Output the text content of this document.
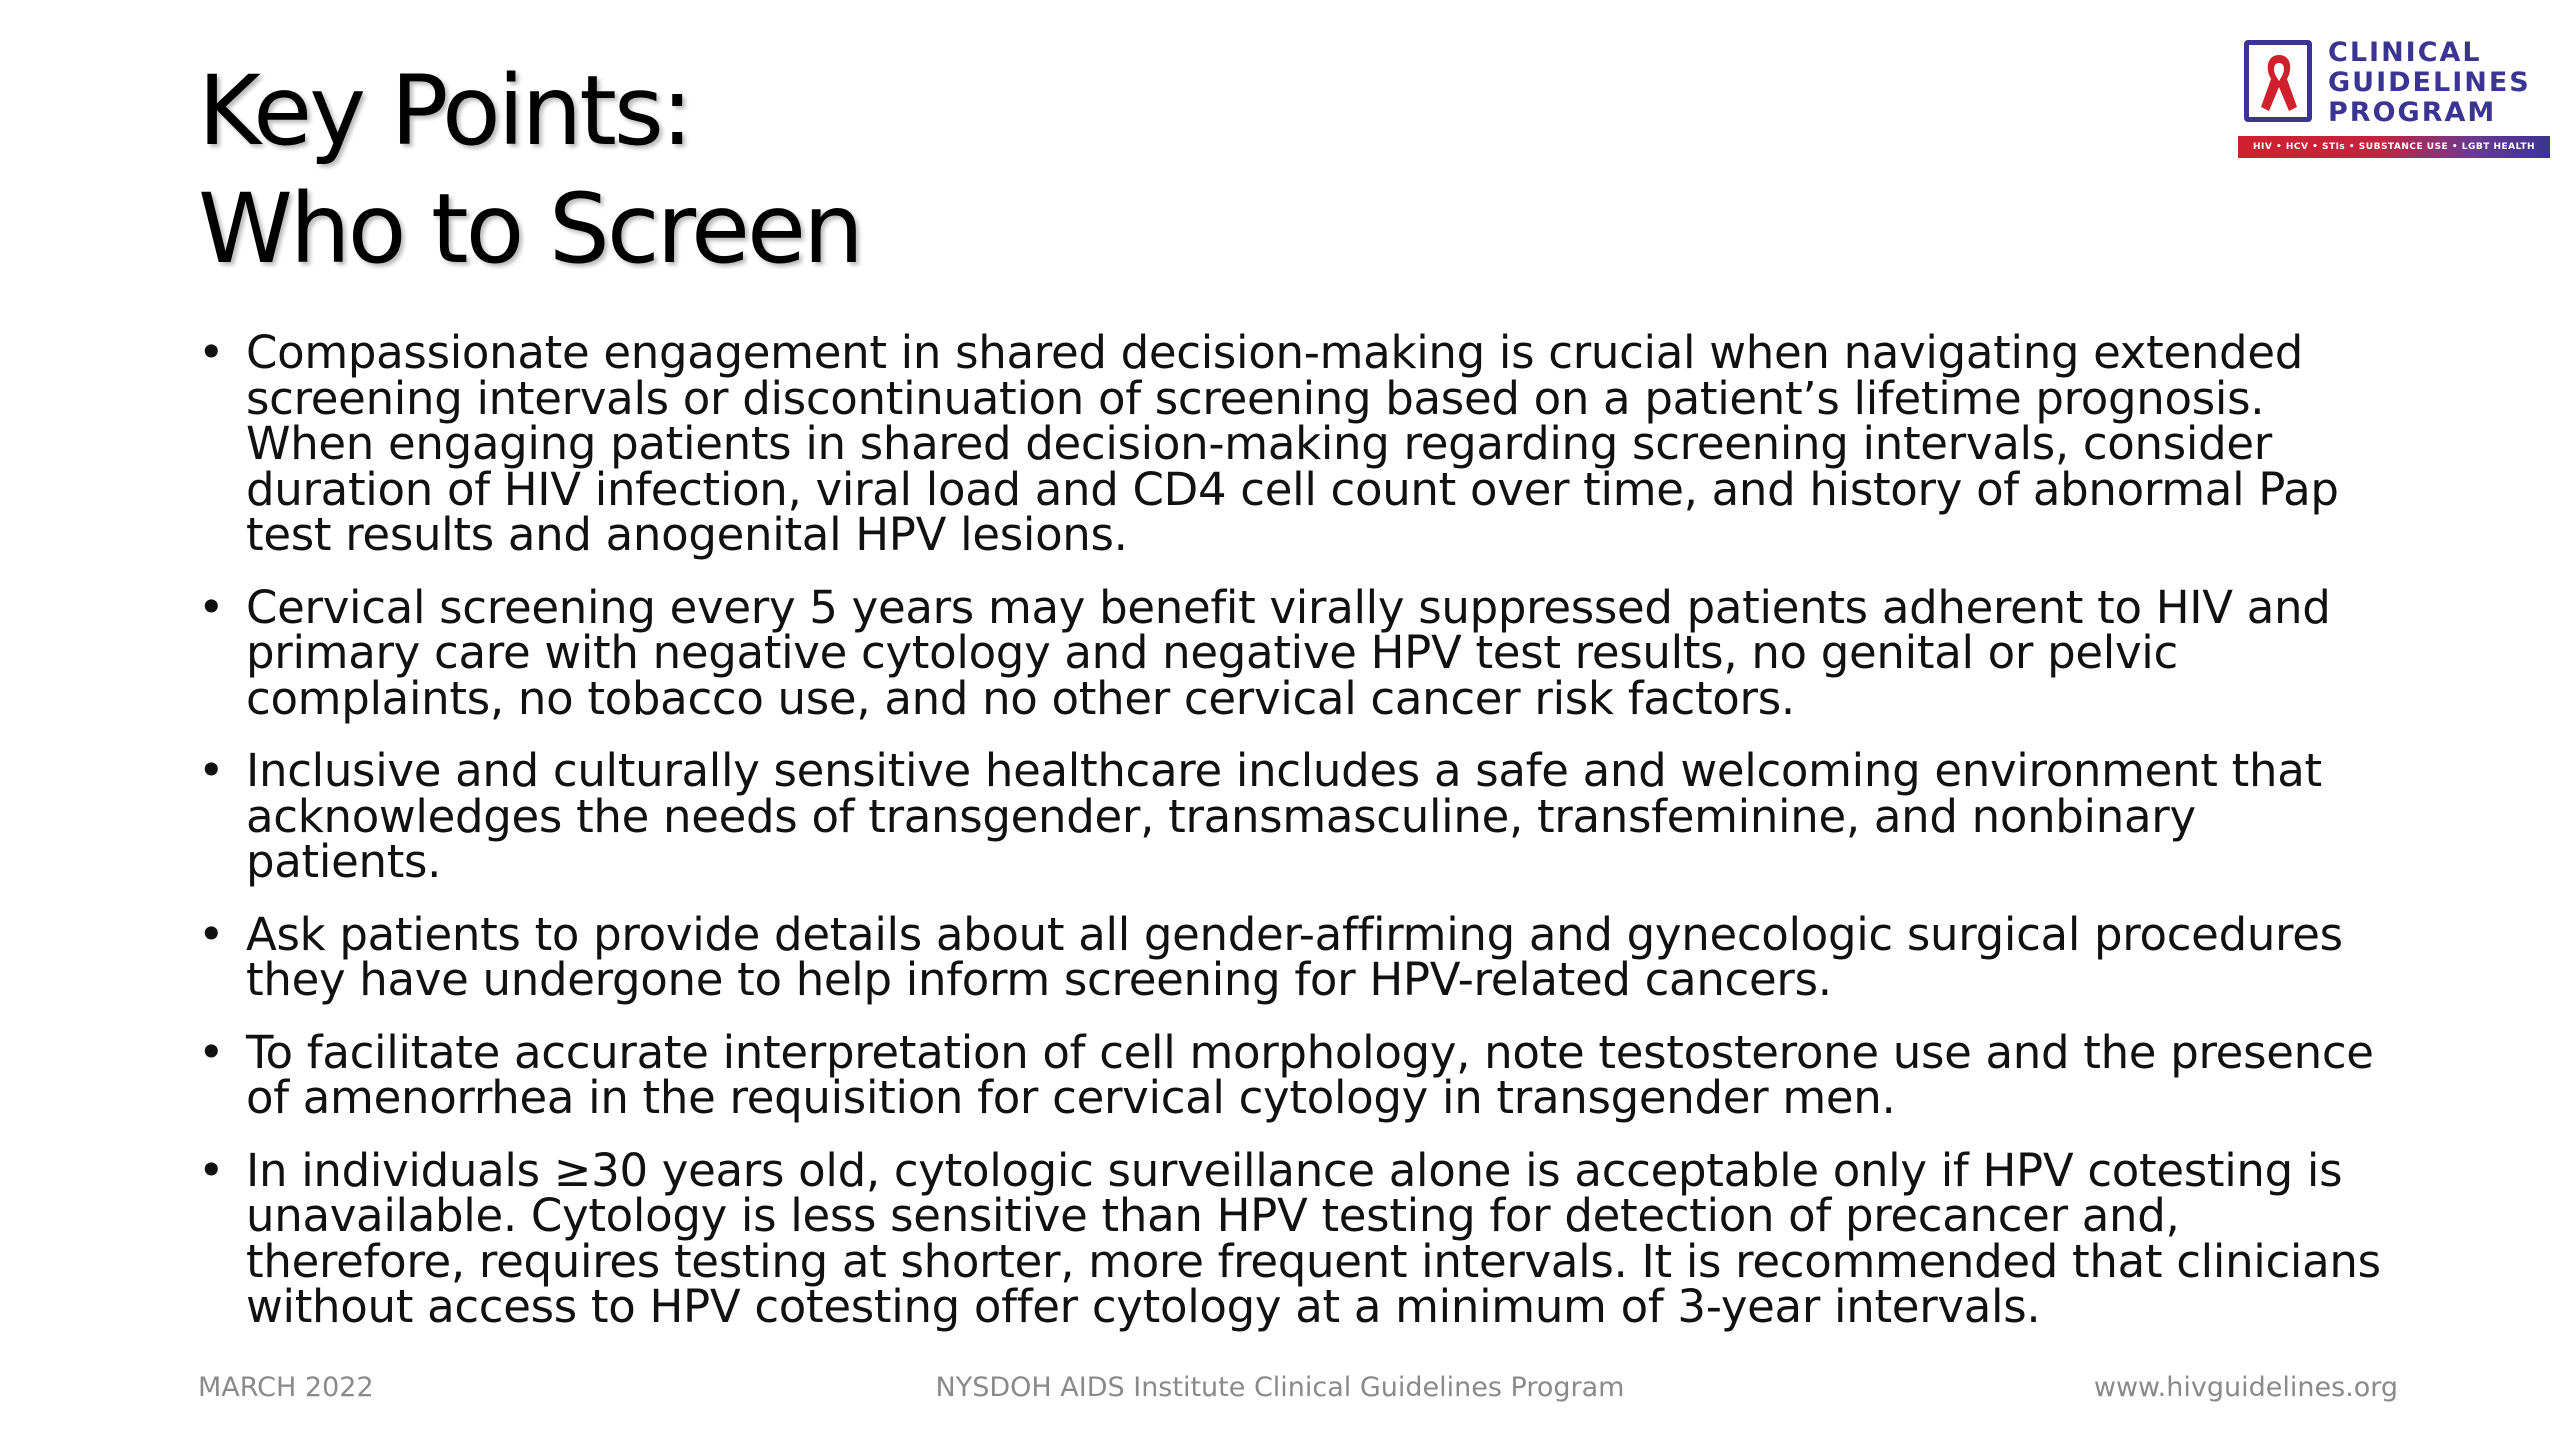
Key Points:
Who to Screen
CLINICAL
GUIDELINES
PROGRAM
HIV • HCV • STIs • SUBSTANCE USE • LGBT HEALTH
• Compassionate engagement in shared decision-making is crucial when navigating extended screening intervals or discontinuation of screening based on a patient’s lifetime prognosis. When engaging patients in shared decision-making regarding screening intervals, consider duration of HIV infection, viral load and CD4 cell count over time, and history of abnormal Pap test results and anogenital HPV lesions.
• Cervical screening every 5 years may benefit virally suppressed patients adherent to HIV and primary care with negative cytology and negative HPV test results, no genital or pelvic complaints, no tobacco use, and no other cervical cancer risk factors.
• Inclusive and culturally sensitive healthcare includes a safe and welcoming environment that acknowledges the needs of transgender, transmasculine, transfeminine, and nonbinary patients.
• Ask patients to provide details about all gender-affirming and gynecologic surgical procedures they have undergone to help inform screening for HPV-related cancers.
• To facilitate accurate interpretation of cell morphology, note testosterone use and the presence of amenorrhea in the requisition for cervical cytology in transgender men.
• In individuals ≥30 years old, cytologic surveillance alone is acceptable only if HPV cotesting is unavailable. Cytology is less sensitive than HPV testing for detection of precancer and, therefore, requires testing at shorter, more frequent intervals. It is recommended that clinicians without access to HPV cotesting offer cytology at a minimum of 3-year intervals.
NYSDOH AIDS Institute Clinical Guidelines Program
MARCH 2022	www.hivguidelines.org
